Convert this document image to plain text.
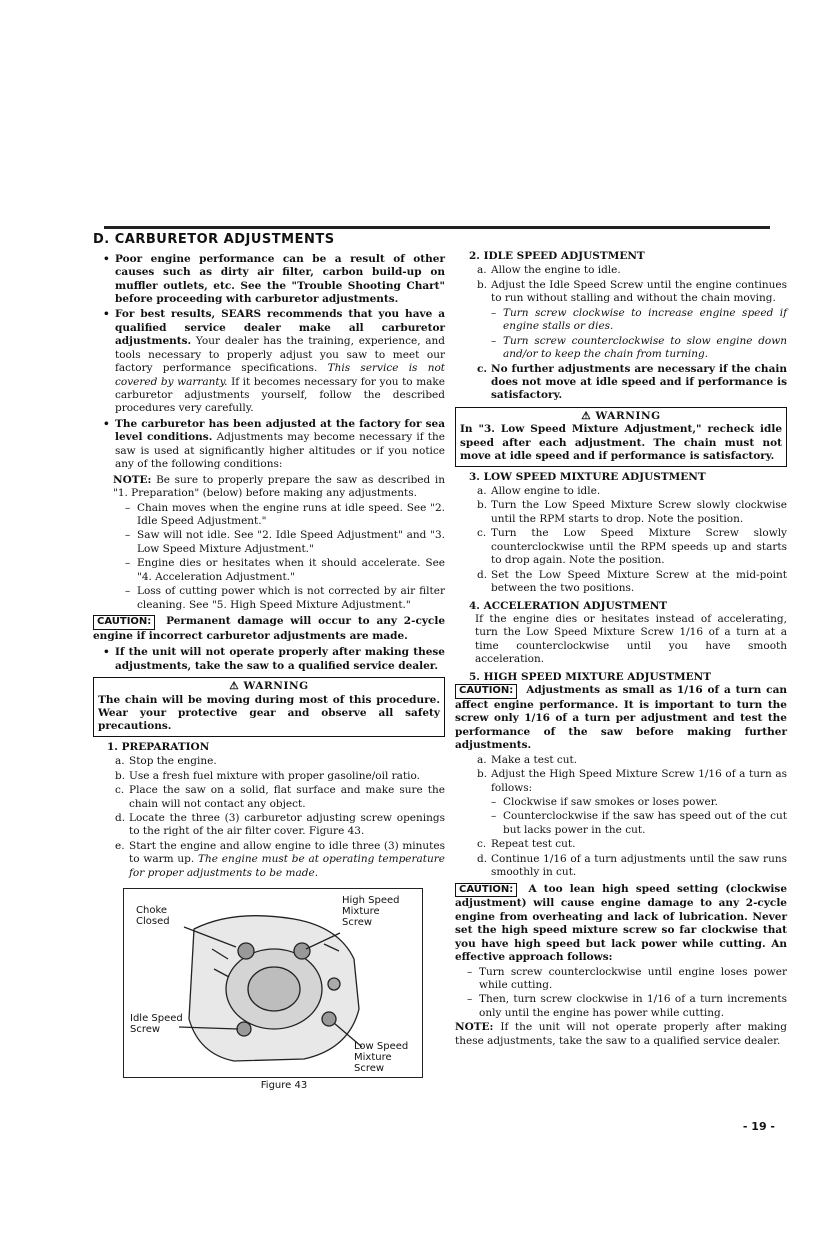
D. CARBURETOR ADJUSTMENTS
• Poor engine performance can be a result of other causes such as dirty air filter, carbon build-up on muffler outlets, etc. See the "Trouble Shooting Chart" before proceeding with carburetor adjustments.
• For best results, SEARS recommends that you have a qualified service dealer make all carburetor adjustments. Your dealer has the training, experience, and tools necessary to properly adjust you saw to meet our factory performance specifications. This service is not covered by warranty. If it becomes necessary for you to make carburetor adjustments yourself, follow the described procedures very carefully.
• The carburetor has been adjusted at the factory for sea level conditions. Adjustments may become necessary if the saw is used at significantly higher altitudes or if you notice any of the following conditions:
NOTE: Be sure to properly prepare the saw as described in "1. Preparation" (below) before making any adjustments.
– Chain moves when the engine runs at idle speed. See "2. Idle Speed Adjustment."
– Saw will not idle. See "2. Idle Speed Adjustment" and "3. Low Speed Mixture Adjustment."
– Engine dies or hesitates when it should accelerate. See "4. Acceleration Adjustment."
– Loss of cutting power which is not corrected by air filter cleaning. See "5. High Speed Mixture Adjustment."
CAUTION: Permanent damage will occur to any 2-cycle engine if incorrect carburetor adjustments are made.
• If the unit will not operate properly after making these adjustments, take the saw to a qualified service dealer.
⚠ WARNING
The chain will be moving during most of this procedure. Wear your protective gear and observe all safety precautions.
1. PREPARATION
a. Stop the engine.
b. Use a fresh fuel mixture with proper gasoline/oil ratio.
c. Place the saw on a solid, flat surface and make sure the chain will not contact any object.
d. Locate the three (3) carburetor adjusting screw openings to the right of the air filter cover. Figure 43.
e. Start the engine and allow engine to idle three (3) minutes to warm up. The engine must be at operating temperature for proper adjustments to be made.
Choke
Closed
High Speed
Mixture
Screw
Idle Speed
Screw
Low Speed
Mixture
Screw
Figure 43
2. IDLE SPEED ADJUSTMENT
a. Allow the engine to idle.
b. Adjust the Idle Speed Screw until the engine continues to run without stalling and without the chain moving.
– Turn screw clockwise to increase engine speed if engine stalls or dies.
– Turn screw counterclockwise to slow engine down and/or to keep the chain from turning.
c. No further adjustments are necessary if the chain does not move at idle speed and if performance is satisfactory.
⚠ WARNING
In "3. Low Speed Mixture Adjustment," recheck idle speed after each adjustment. The chain must not move at idle speed and if performance is satisfactory.
3. LOW SPEED MIXTURE ADJUSTMENT
a. Allow engine to idle.
b. Turn the Low Speed Mixture Screw slowly clockwise until the RPM starts to drop. Note the position.
c. Turn the Low Speed Mixture Screw slowly counterclockwise until the RPM speeds up and starts to drop again. Note the position.
d. Set the Low Speed Mixture Screw at the mid-point between the two positions.
4. ACCELERATION ADJUSTMENT
If the engine dies or hesitates instead of accelerating, turn the Low Speed Mixture Screw 1/16 of a turn at a time counterclockwise until you have smooth acceleration.
5. HIGH SPEED MIXTURE ADJUSTMENT
CAUTION: Adjustments as small as 1/16 of a turn can affect engine performance. It is important to turn the screw only 1/16 of a turn per adjustment and test the performance of the saw before making further adjustments.
a. Make a test cut.
b. Adjust the High Speed Mixture Screw 1/16 of a turn as follows:
– Clockwise if saw smokes or loses power.
– Counterclockwise if the saw has speed out of the cut but lacks power in the cut.
c. Repeat test cut.
d. Continue 1/16 of a turn adjustments until the saw runs smoothly in cut.
CAUTION: A too lean high speed setting (clockwise adjustment) will cause engine damage to any 2-cycle engine from overheating and lack of lubrication. Never set the high speed mixture screw so far clockwise that you have high speed but lack power while cutting. An effective approach follows:
– Turn screw counterclockwise until engine loses power while cutting.
– Then, turn screw clockwise in 1/16 of a turn increments only until the engine has power while cutting.
NOTE: If the unit will not operate properly after making these adjustments, take the saw to a qualified service dealer.
- 19 -
